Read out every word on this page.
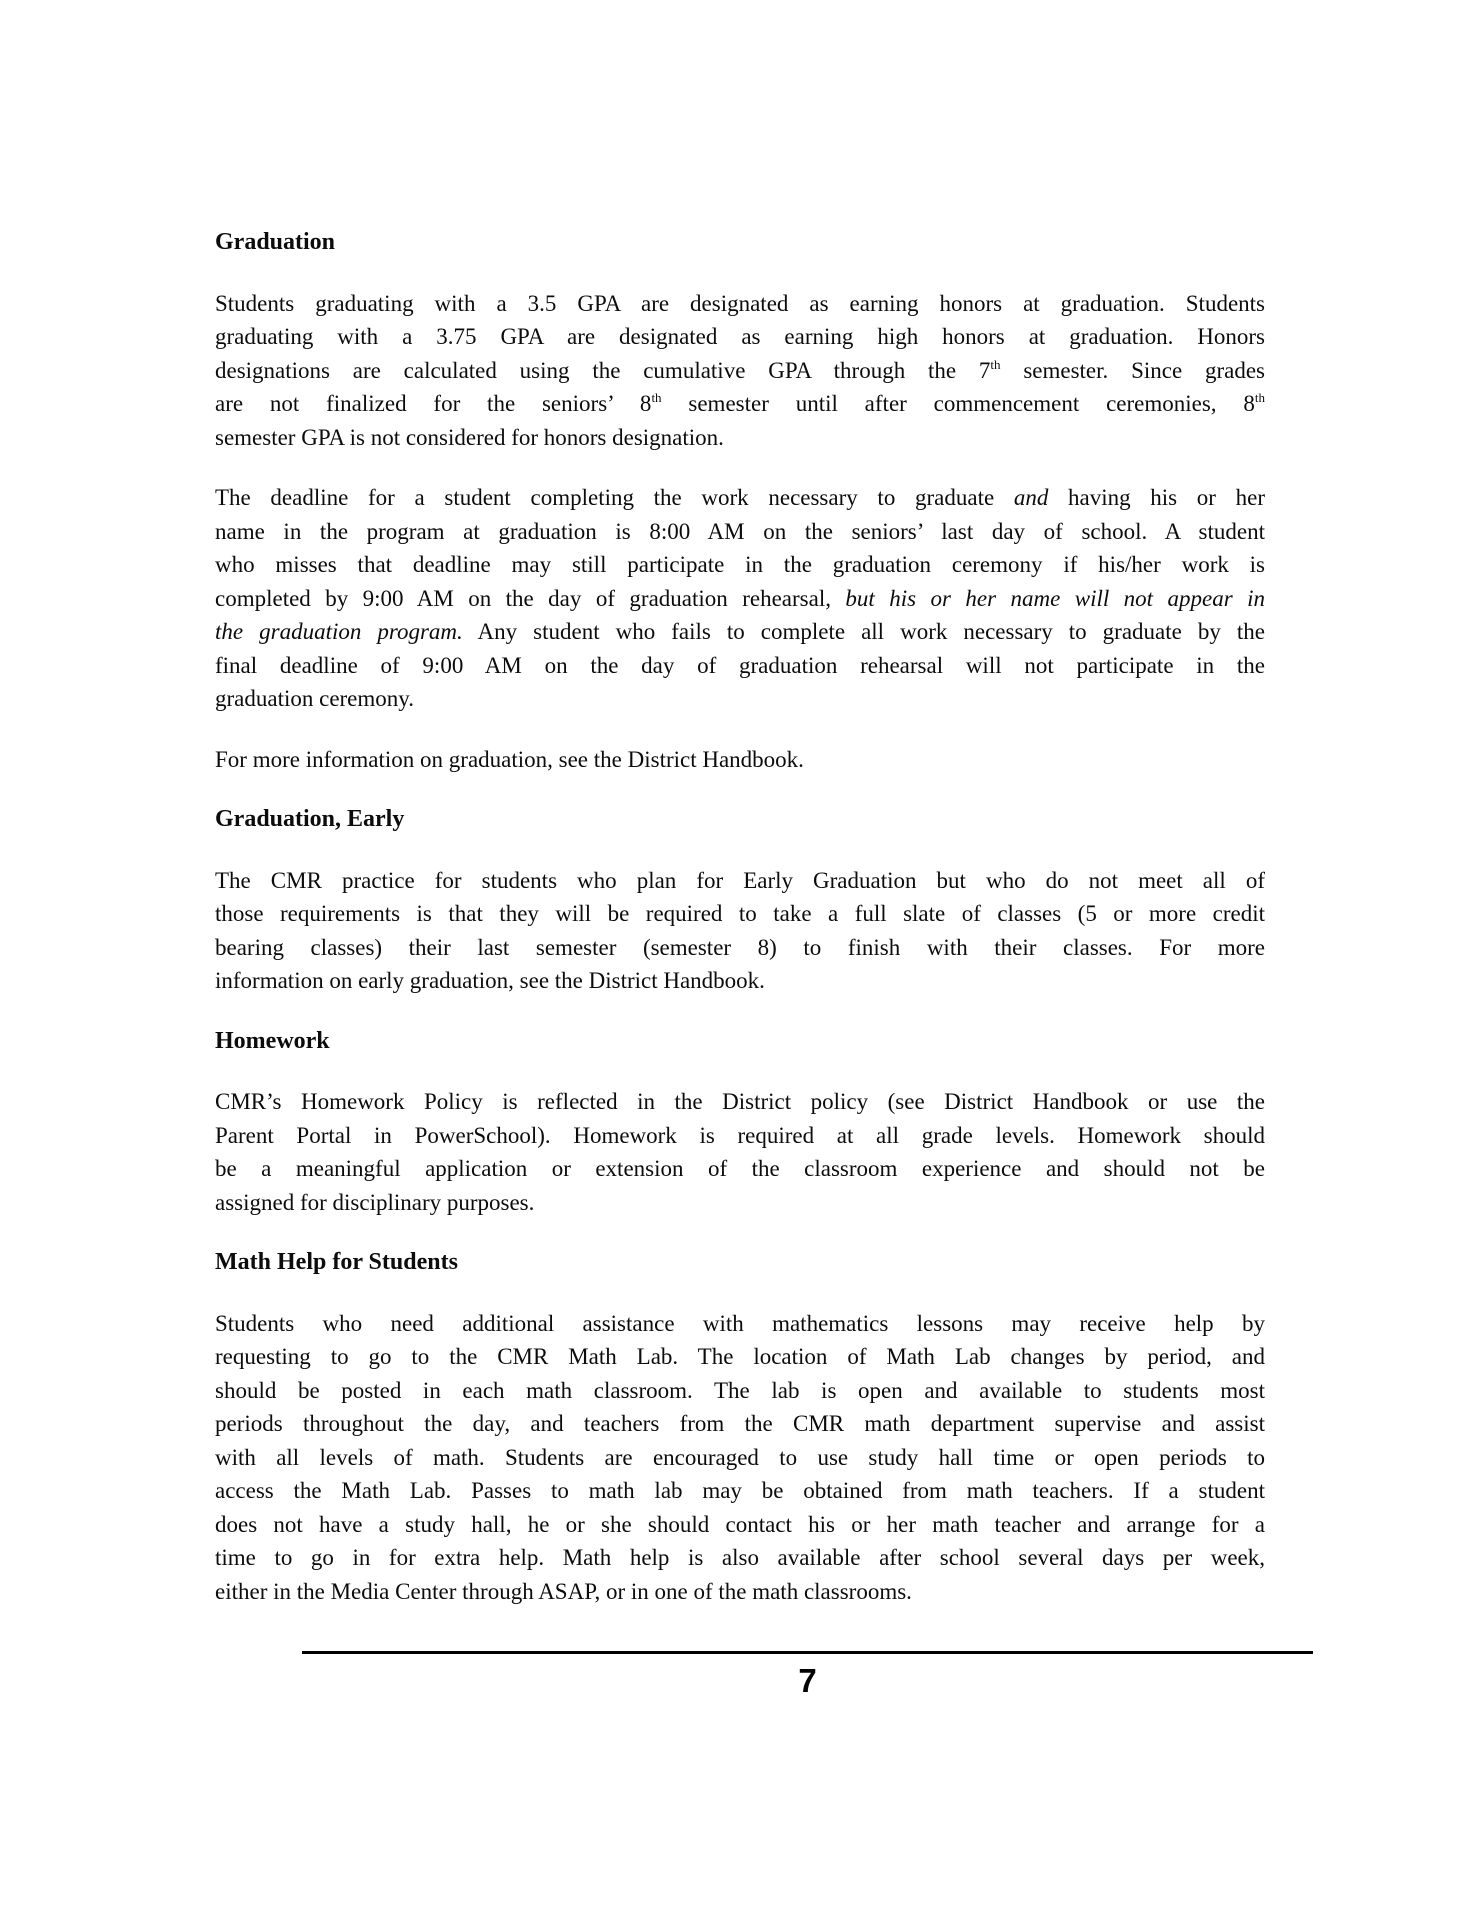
Graduation

Students graduating with a 3.5 GPA are designated as earning honors at graduation. Students
graduating with a 3.75 GPA are designated as earning high honors at graduation. Honors
designations are calculated using the cumulative GPA through the 7th semester. Since grades
are not finalized for the seniors’ 8th semester until after commencement ceremonies, 8th
semester GPA is not considered for honors designation.

The deadline for a student completing the work necessary to graduate and having his or her
name in the program at graduation is 8:00 AM on the seniors’ last day of school. A student
who misses that deadline may still participate in the graduation ceremony if his/her work is
completed by 9:00 AM on the day of graduation rehearsal, but his or her name will not appear in
the graduation program. Any student who fails to complete all work necessary to graduate by the
final deadline of 9:00 AM on the day of graduation rehearsal will not participate in the
graduation ceremony.

For more information on graduation, see the District Handbook.

Graduation, Early

The CMR practice for students who plan for Early Graduation but who do not meet all of
those requirements is that they will be required to take a full slate of classes (5 or more credit
bearing classes) their last semester (semester 8) to finish with their classes. For more
information on early graduation, see the District Handbook.

Homework

CMR’s Homework Policy is reflected in the District policy (see District Handbook or use the
Parent Portal in PowerSchool). Homework is required at all grade levels. Homework should
be a meaningful application or extension of the classroom experience and should not be
assigned for disciplinary purposes.

Math Help for Students

Students who need additional assistance with mathematics lessons may receive help by
requesting to go to the CMR Math Lab. The location of Math Lab changes by period, and
should be posted in each math classroom. The lab is open and available to students most
periods throughout the day, and teachers from the CMR math department supervise and assist
with all levels of math. Students are encouraged to use study hall time or open periods to
access the Math Lab. Passes to math lab may be obtained from math teachers. If a student
does not have a study hall, he or she should contact his or her math teacher and arrange for a
time to go in for extra help. Math help is also available after school several days per week,
either in the Media Center through ASAP, or in one of the math classrooms.

7
